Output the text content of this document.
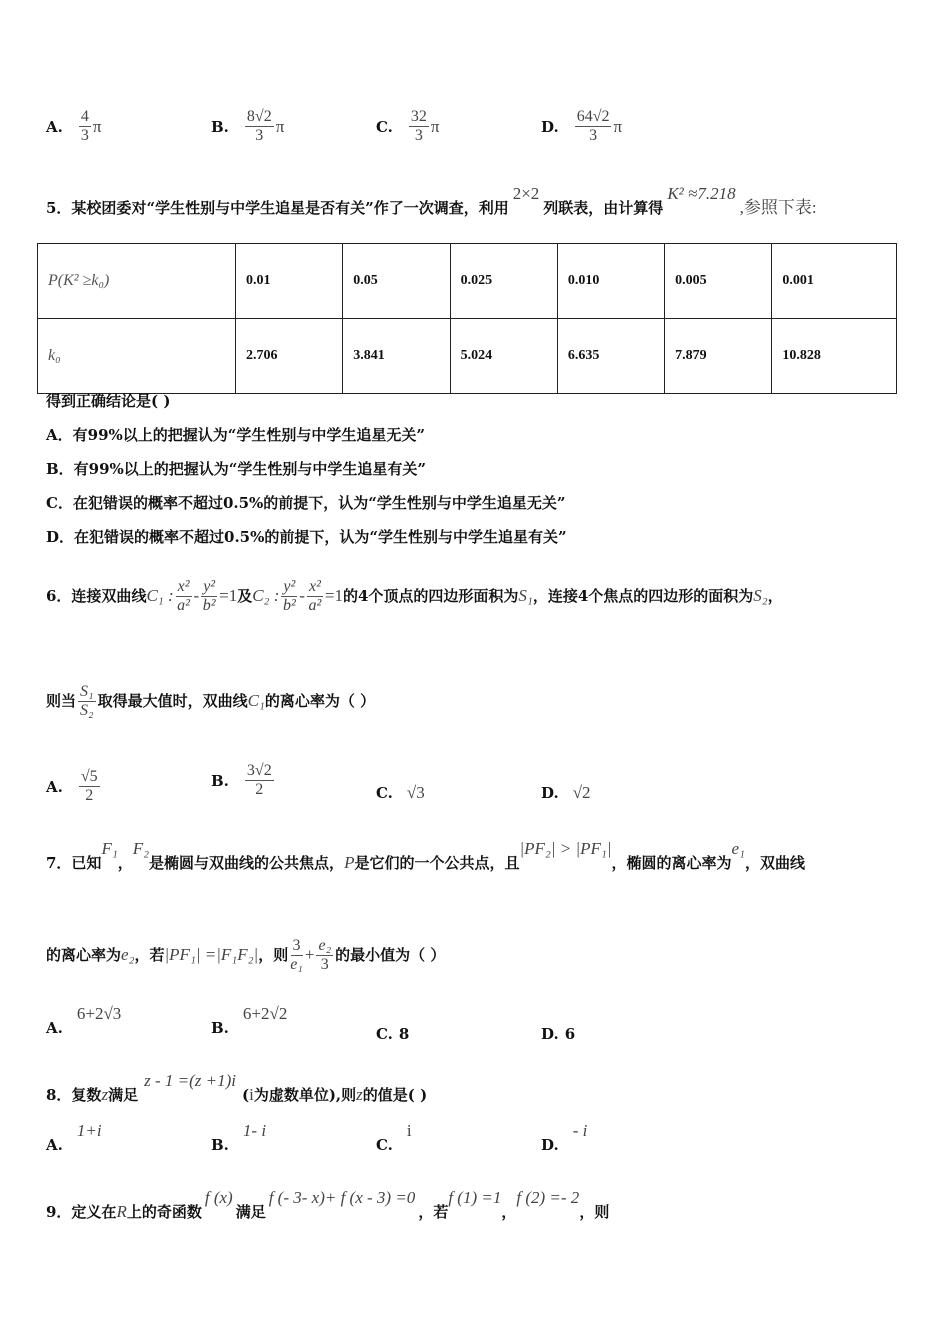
A. $\frac{4}{3}$ π	B. $\frac{8√2}{3}$ π	C. $\frac{32}{3}$ π	D. $\frac{64√2}{3}$ π
5．某校团委对“学生性别与中学生追星是否有关”作了一次调查，利用
2×2
列联表，由计算得
K² ≈7.218
,参照下表:
P(K² ≥k₀)	0.01	0.05	0.025	0.010	0.005	0.001
k₀	2.706	3.841	5.024	6.635	7.879	10.828
得到正确结论是( )
A．有99%以上的把握认为“学生性别与中学生追星无关”
B．有99%以上的把握认为“学生性别与中学生追星有关”
C．在犯错误的概率不超过0.5%的前提下，认为“学生性别与中学生追星无关”
D．在犯错误的概率不超过0.5%的前提下，认为“学生性别与中学生追星有关”
6．连接双曲线 C₁ : $\frac{\text{x²}}{\text{a²}} - \frac{\text{y²}}{\text{b²}} =1$ 及 C₂ : $\frac{\text{y²}}{\text{b²}} - \frac{\text{x²}}{\text{a²}} =1$ 的4个顶点的四边形面积为 S₁ ，连接4个焦点的四边形的面积为 S₂ ，
则当 $\frac{\text{S₁}}{\text{S₂}}$ 取得最大值时，双曲线 C₁ 的离心率为（ ）
A. $\frac{√5}{2}$	B. $\frac{3√2}{2}$	C. √3	D. √2
7．已知
F₁
，
F₂
是椭圆与双曲线的公共焦点， P 是它们的一个公共点，且
|PF₂| > |PF₁|
，椭圆的离心率为
e₁
，双曲线
的离心率为 e₂ ，若 |PF₁| =|F₁F₂| ，则 $\frac{3}{\text{e₁}} + \frac{\text{e₂}}{3}$ 的最小值为（ ）
A.
6+2√3
B.
6+2√2
C. 8	D. 6
8．复数 z 满足
z - 1 =(z +1)i
( i 为虚数单位),则 z 的值是( )
A.
1+i
B.
1- i
C.
i
D.
- i
9．定义在 R 上的奇函数
f (x)
满足
f (- 3- x)+ f (x - 3) =0
，若
f (1) =1
，
f (2) =- 2
，则
